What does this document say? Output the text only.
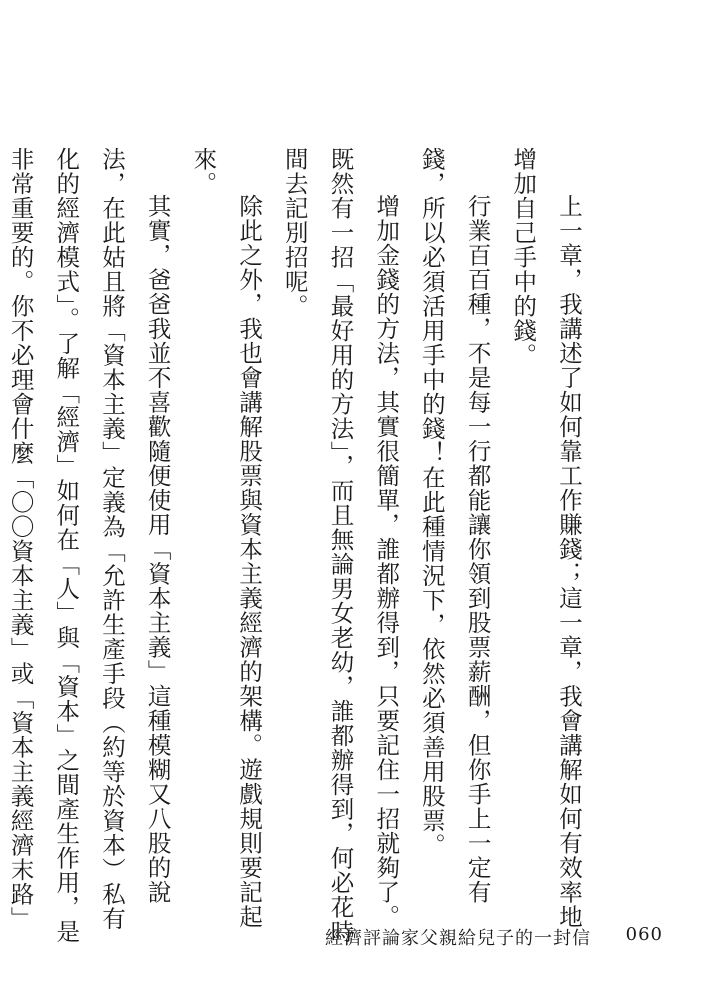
上一章，我講述了如何靠工作賺錢；這一章，我會講解如何有效率地增加自己手中的錢。

行業百百種，不是每一行都能讓你領到股票薪酬，但你手上一定有錢，所以必須活用手中的錢！在此種情況下，依然必須善用股票。

增加金錢的方法，其實很簡單，誰都辦得到，只要記住一招就夠了。既然有一招「最好用的方法」，而且無論男女老幼，誰都辦得到，何必花時間去記別招呢。

除此之外，我也會講解股票與資本主義經濟的架構。遊戲規則要記起來。

其實，爸爸我並不喜歡隨便使用「資本主義」這種模糊又八股的說法，在此姑且將「資本主義」定義為「允許生產手段（約等於資本）私有化的經濟模式」。了解「經濟」如何在「人」與「資本」之間產生作用，是非常重要的。你不必理會什麼「〇〇資本主義」或「資本主義經濟末路」

經濟評論家父親給兒子的一封信 060
